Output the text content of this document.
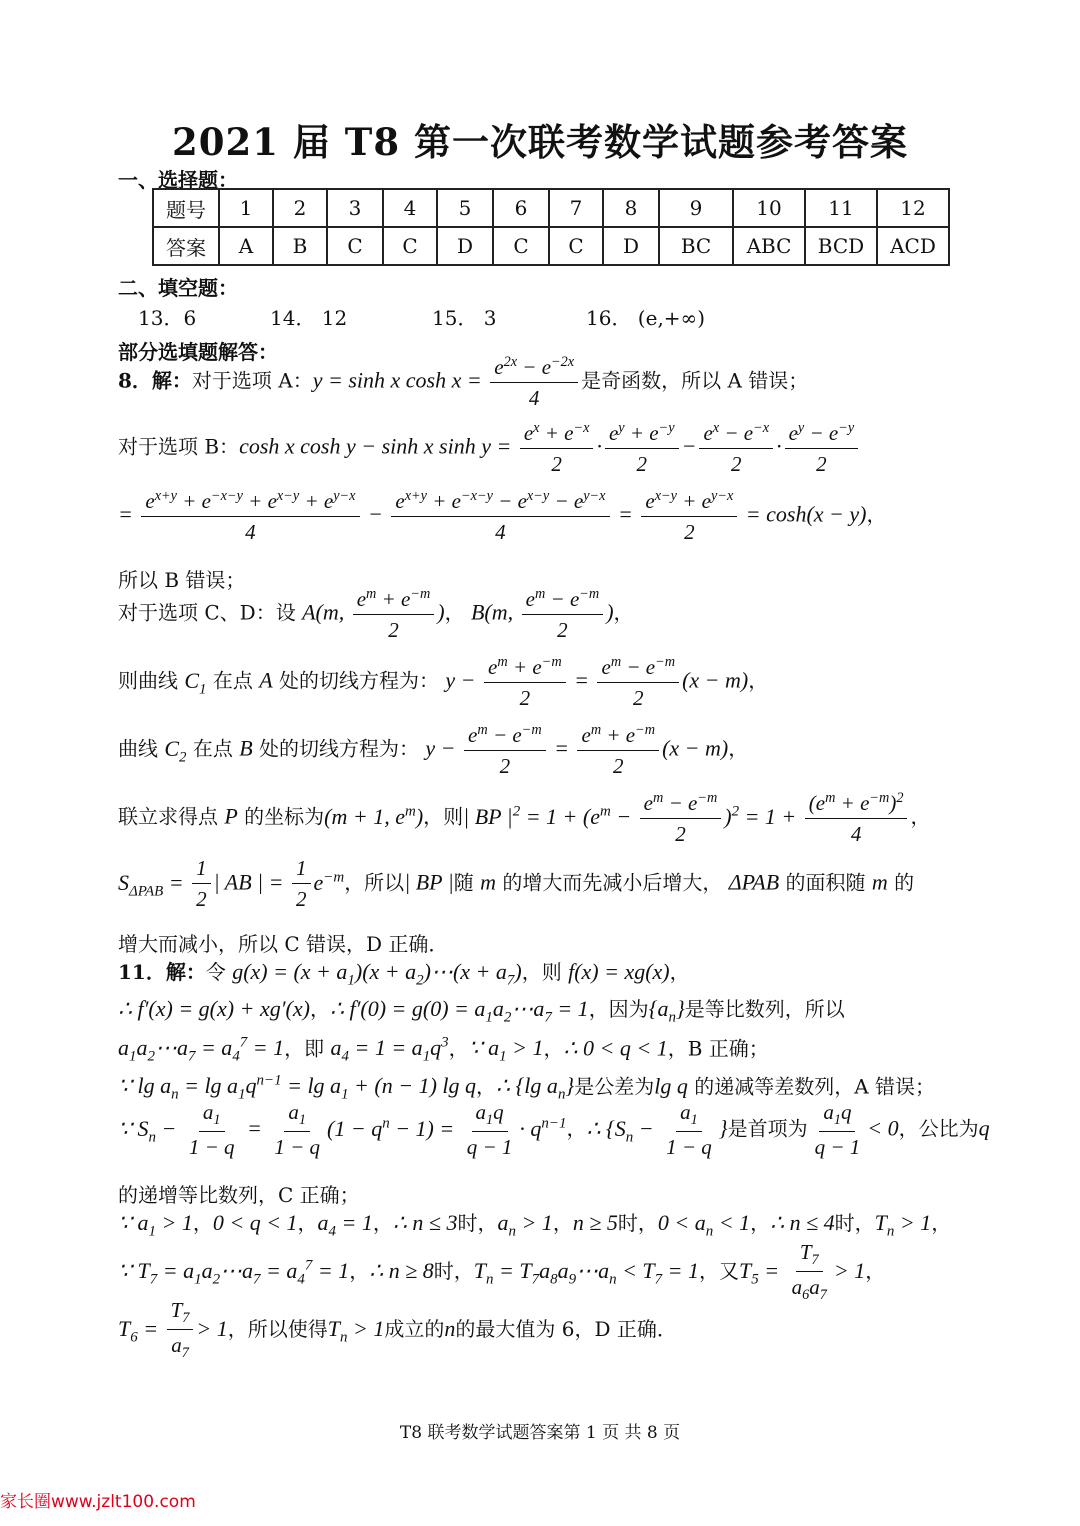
2021 届 T8 第一次联考数学试题参考答案
一、选择题：
题号	1	2	3	4	5	6	7	8	9	10	11	12
答案	A	B	C	C	D	C	C	D	BC	ABC	BCD	ACD
二、填空题：
13．6	14． 12	15． 3	16． (e,+∞)
部分选填题解答：
8．解：对于选项 A：y = sinh x $\cosh x = \frac{e^{2x} - e^{-2x}}{4}$ 是奇函数，所以 A 错误；
对于选项 B：cosh x cosh y − sinh x $\sinh y = \frac{e^x + e^{-x}}{2} \cdot \frac{e^y + e^{-y}}{2} - \frac{e^x - e^{-x}}{2} \cdot \frac{e^y - e^{-y}}{2}$
= $\frac{e^{x+y} + e^{-x-y} + e^{x-y} + e^{y-x}}{4} - \frac{e^{x+y} + e^{-x-y} - e^{x-y} - e^{y-x}}{4} = \frac{e^{x-y} + e^{y-x}}{2} = \cosh(x - y)$，
所以 B 错误；
对于选项 C、D：设 A(m, $\frac{e^m + e^{-m}}{2}$ )， B(m, $\frac{e^m - e^{-m}}{2}$ )，
则曲线 $C_1$ 在点 A 处的切线方程为： $y - \frac{e^m + e^{-m}}{2} = \frac{e^m - e^{-m}}{2} (x - m)$，
曲线 $C_2$ 在点 B 处的切线方程为： $y - \frac{e^m - e^{-m}}{2} = \frac{e^m + e^{-m}}{2} (x - m)$，
联立求得点 P 的坐标为(m + 1, $e^m$)，则| BP $|^2 = 1 + (e^m - \frac{e^m - e^{-m}}{2} )^2 = 1 + \frac{(e^m + e^{-m})^2}{4}$ ，
$S_{\Delta PAB} = \frac{1}{2}$ | AB | = $\frac{1}{2} e^{-m}$，所以| BP |随 m 的增大而先减小后增大， ΔPAB 的面积随 m 的
增大而减小，所以 C 错误，D 正确．
11．解：令 $g(x) = (x + a_1)(x$ + $a_2)\cdots(x + a_7)$，则 f(x) = xg(x)，
∴ f′(x) = g(x) + xg′(x)，∴ $f'(0) = g(0) = a_1a_2\cdots a_7 = 1$，因为$\{a_n\}$是等比数列，所以
$a_1a_2\cdots a_7 = a_4^7 = 1$，即 $a_4 = 1 = a_1q^3$，∵ $a_1 > 1$，∴ 0 < q < 1，B 正确；
∵ $\lg a_n = \lg a_1q^{n-1} = \lg a_1 + (n - 1)$ lg q，∴ {lg $a_n$}是公差为lg q 的递减等差数列，A 错误；
∵ $S_n - \frac{a_1}{1 - q} = \frac{a_1}{1 - q} (1 - q^n - 1) = \frac{a_1q}{q - 1} \cdot q^{n-1}$，∴ {$S_n - \frac{a_1}{1 - q}$ }是首项为 $\frac{a_1q}{q - 1} < 0$，公比为q
的递增等比数列，C 正确；
∵ $a_1 > 1$，0 < q < 1，$a_4 = 1$，∴ n ≤ 3时，$a_n > 1$，n ≥ 5时，$0 < a_n < 1$，∴ n ≤ 4时，$T_n > 1$，
∵ $T_7$ = $a_1a_2\cdots a_7 = a_4^7 = 1$，∴ n ≥ 8时，$T_n$ = $T_7a_8a_9\cdots a_n < T_7 = 1$，又$T_5 = \frac{T_7}{a_6a_7} > 1$，
$T_6 = \frac{T_7}{a_7} > 1$，所以使得$T_n > 1$成立的n的最大值为 6，D 正确．
T8 联考数学试题答案第 1 页 共 8 页
家长圈www.jzlt100.com
